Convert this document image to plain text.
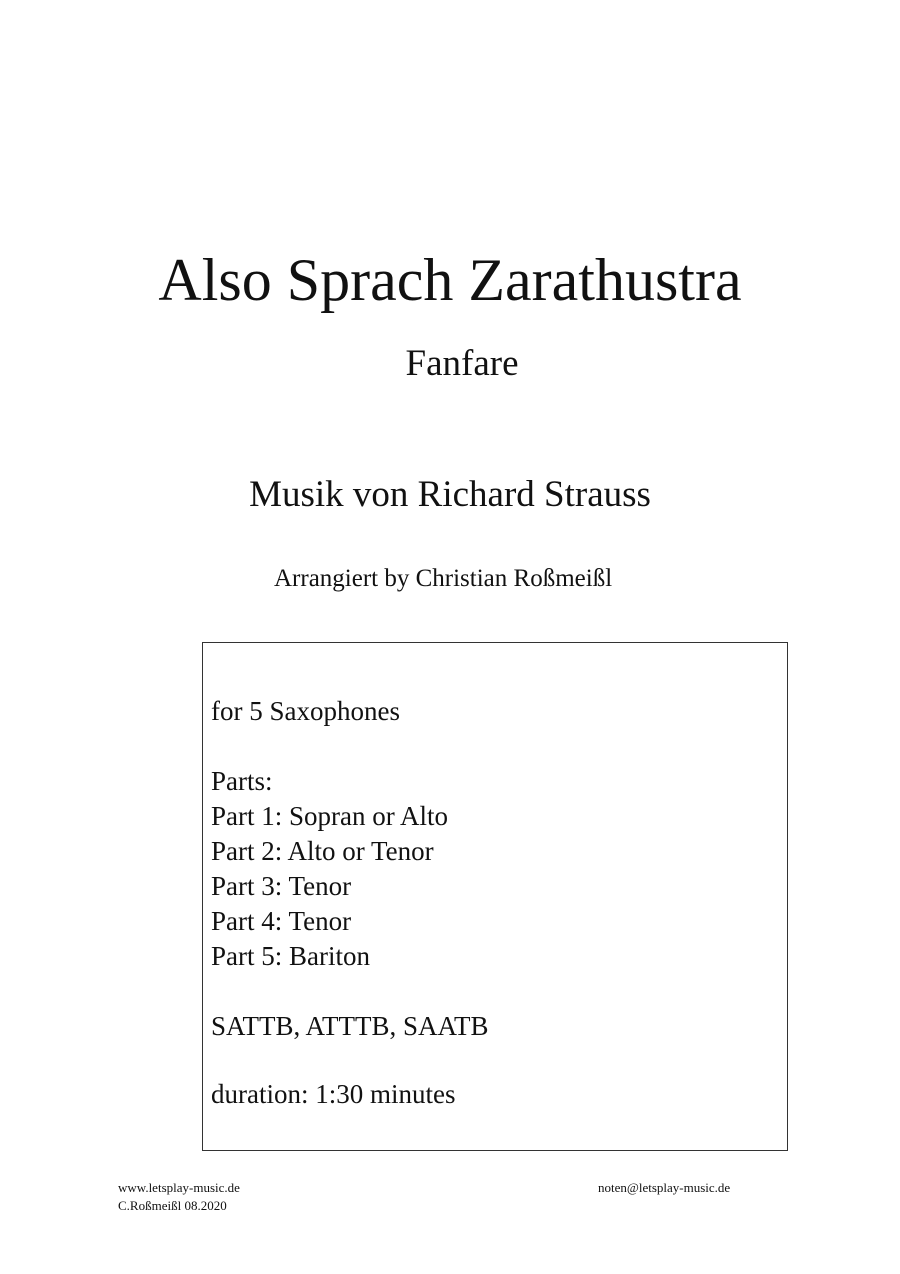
Also Sprach Zarathustra
Fanfare
Musik von Richard Strauss
Arrangiert by Christian Roßmeißl
for 5 Saxophones
Parts:
Part 1: Sopran or Alto
Part 2: Alto or Tenor
Part 3: Tenor
Part 4: Tenor
Part 5: Bariton
SATTB, ATTTB, SAATB
duration: 1:30 minutes
www.letsplay-music.de
C.Roßmeißl 08.2020
noten@letsplay-music.de
